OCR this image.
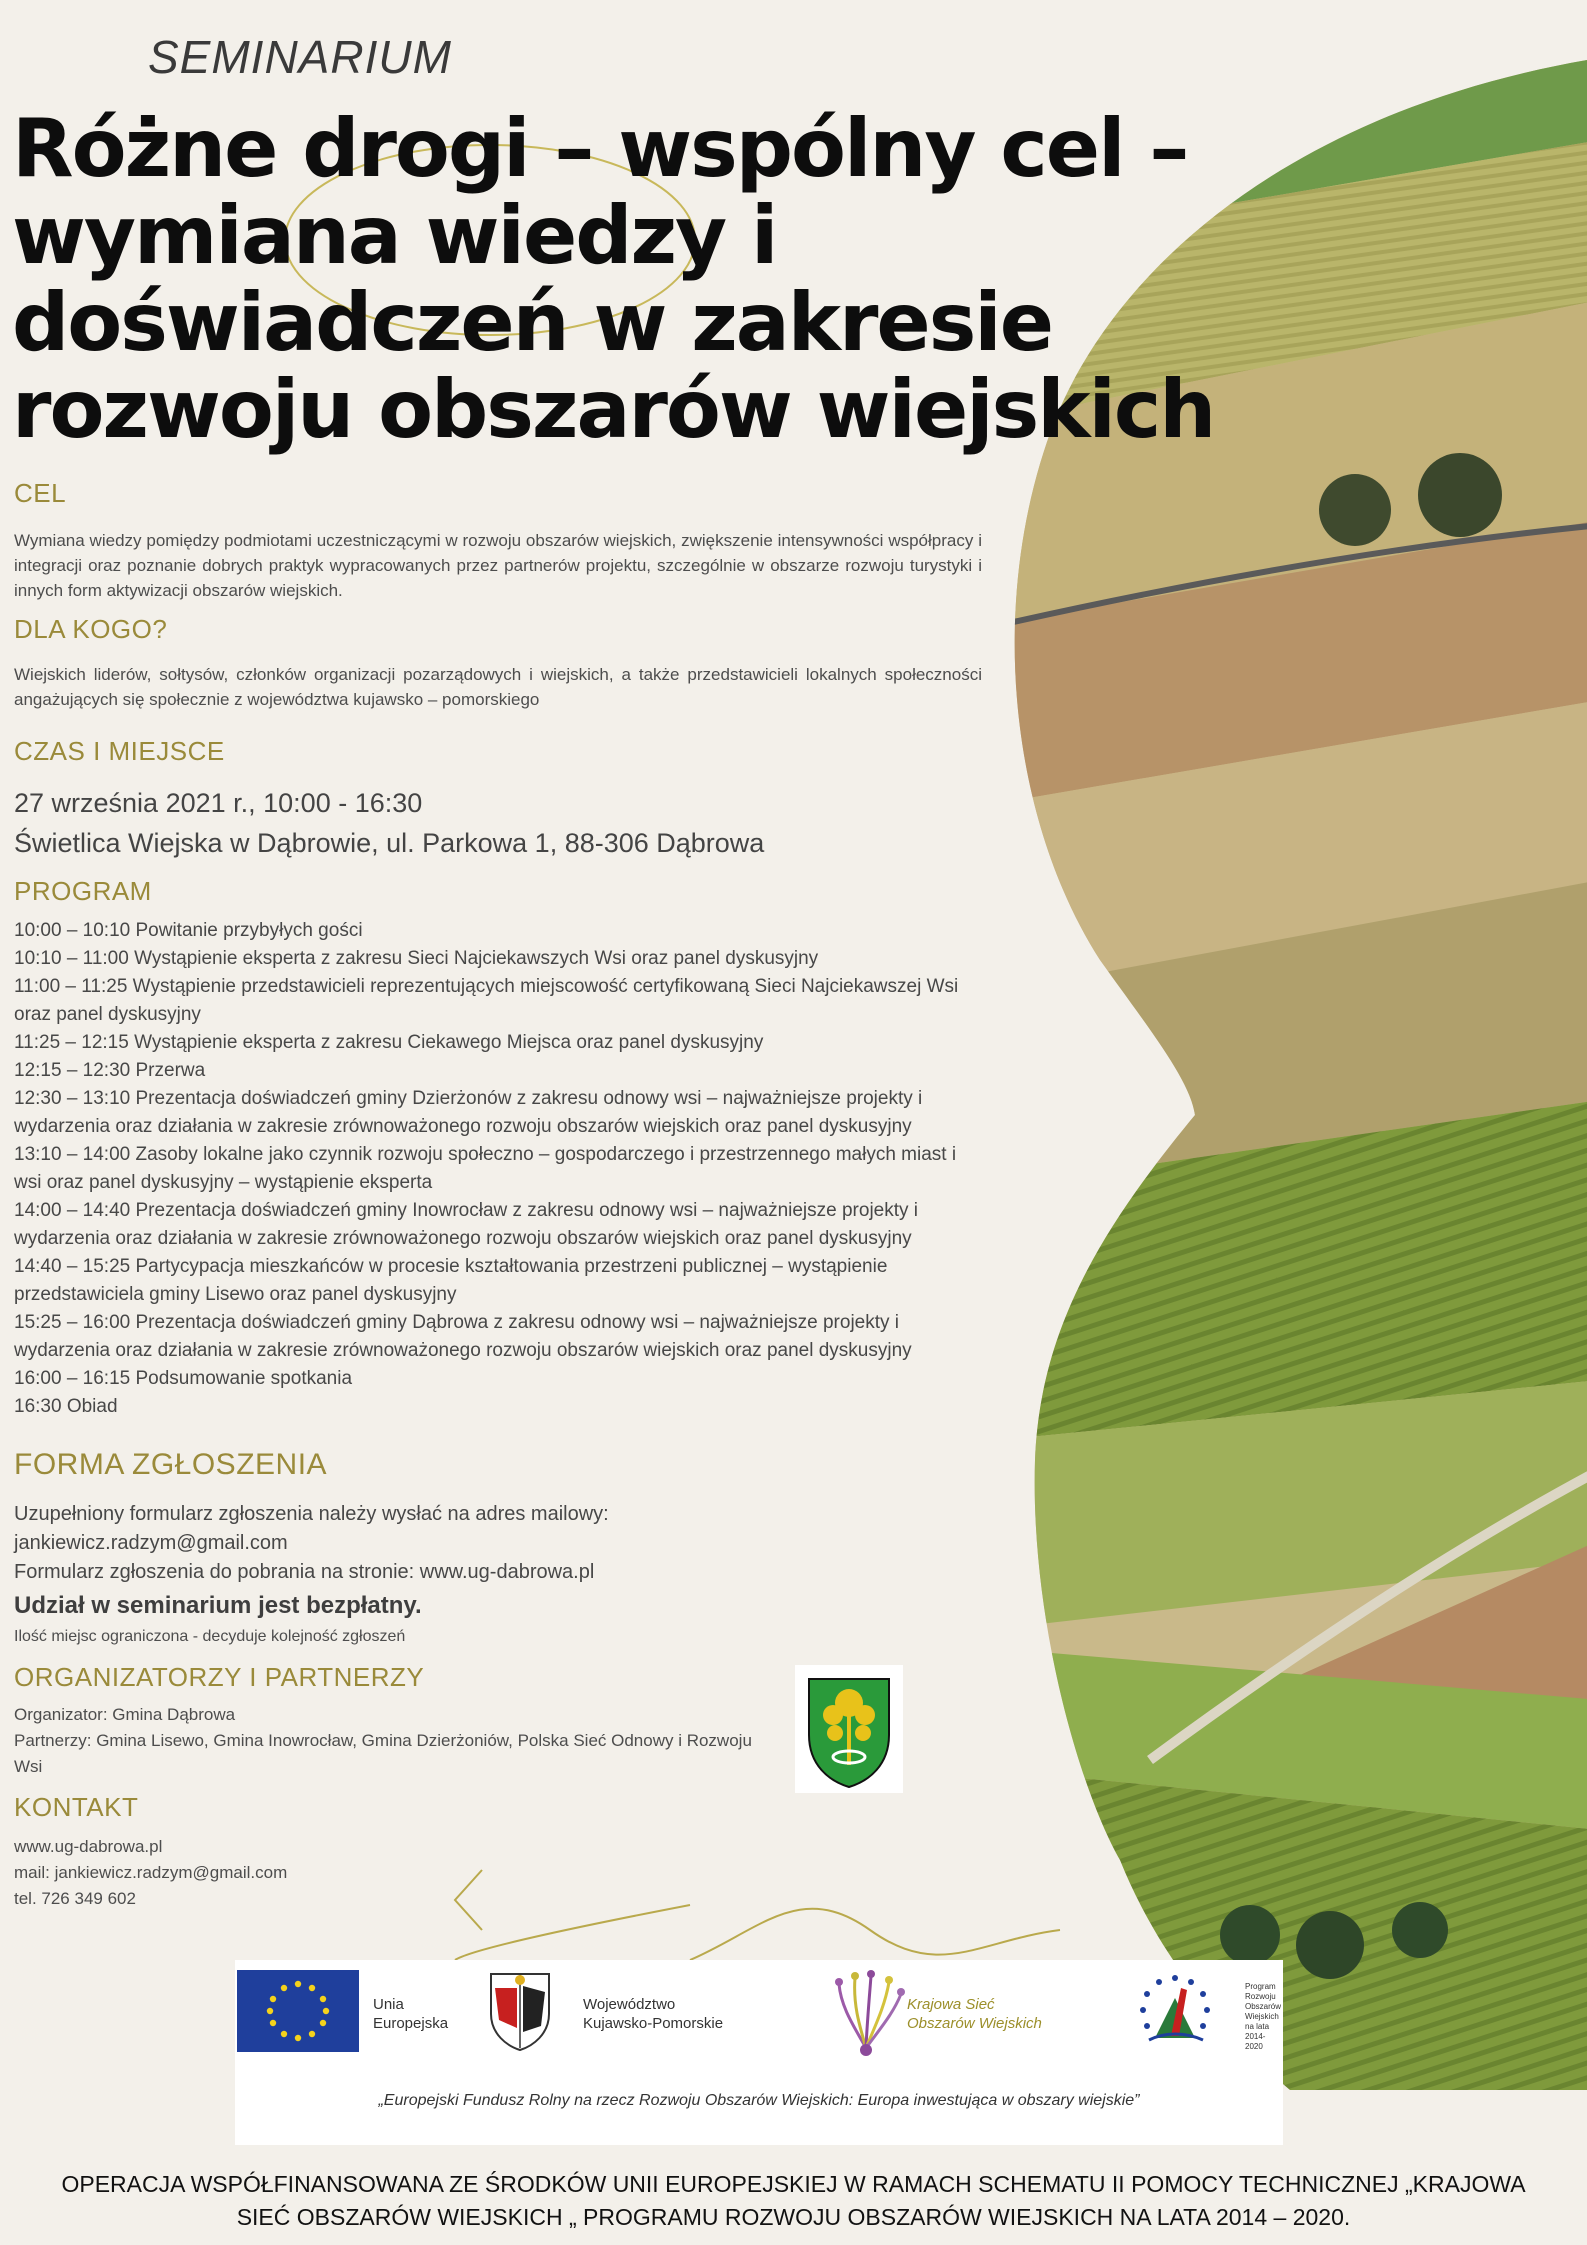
SEMINARIUM
Różne drogi – wspólny cel –
wymiana wiedzy i
doświadczeń w zakresie
rozwoju obszarów wiejskich
CEL
Wymiana wiedzy pomiędzy podmiotami uczestniczącymi w rozwoju obszarów wiejskich, zwiększenie intensywności współpracy i integracji oraz poznanie dobrych praktyk wypracowanych przez partnerów projektu, szczególnie w obszarze rozwoju turystyki i innych form aktywizacji obszarów wiejskich.
DLA KOGO?
Wiejskich liderów, sołtysów, członków organizacji pozarządowych i wiejskich, a także przedstawicieli lokalnych społeczności angażujących się społecznie z województwa kujawsko – pomorskiego
CZAS I MIEJSCE
27 września 2021 r., 10:00 - 16:30
Świetlica Wiejska w Dąbrowie, ul. Parkowa 1, 88-306 Dąbrowa
PROGRAM
10:00 – 10:10 Powitanie przybyłych gości
10:10 – 11:00 Wystąpienie eksperta z zakresu Sieci Najciekawszych Wsi oraz panel dyskusyjny
11:00 – 11:25 Wystąpienie przedstawicieli reprezentujących miejscowość certyfikowaną Sieci Najciekawszej Wsi
oraz panel dyskusyjny
11:25 – 12:15 Wystąpienie eksperta z zakresu Ciekawego Miejsca oraz panel dyskusyjny
12:15 – 12:30 Przerwa
12:30 – 13:10 Prezentacja doświadczeń gminy Dzierżonów z zakresu odnowy wsi – najważniejsze projekty i
wydarzenia oraz działania w zakresie zrównoważonego rozwoju obszarów wiejskich oraz panel dyskusyjny
13:10 – 14:00 Zasoby lokalne jako czynnik rozwoju społeczno – gospodarczego i przestrzennego małych miast i
wsi oraz panel dyskusyjny – wystąpienie eksperta
14:00 – 14:40 Prezentacja doświadczeń gminy Inowrocław z zakresu odnowy wsi – najważniejsze projekty i
wydarzenia oraz działania w zakresie zrównoważonego rozwoju obszarów wiejskich oraz panel dyskusyjny
14:40 – 15:25 Partycypacja mieszkańców w procesie kształtowania przestrzeni publicznej – wystąpienie
przedstawiciela gminy Lisewo oraz panel dyskusyjny
15:25 – 16:00 Prezentacja doświadczeń gminy Dąbrowa z zakresu odnowy wsi – najważniejsze projekty i
wydarzenia oraz działania w zakresie zrównoważonego rozwoju obszarów wiejskich oraz panel dyskusyjny
16:00 – 16:15 Podsumowanie spotkania
16:30 Obiad
FORMA ZGŁOSZENIA
Uzupełniony formularz zgłoszenia należy wysłać na adres mailowy:
jankiewicz.radzym@gmail.com
Formularz zgłoszenia do pobrania na stronie: www.ug-dabrowa.pl
Udział w seminarium jest bezpłatny.
Ilość miejsc ograniczona - decyduje kolejność zgłoszeń
ORGANIZATORZY I PARTNERZY
Organizator: Gmina Dąbrowa
Partnerzy: Gmina Lisewo, Gmina Inowrocław, Gmina Dzierżoniów, Polska Sieć Odnowy i Rozwoju Wsi
KONTAKT
www.ug-dabrowa.pl
mail: jankiewicz.radzym@gmail.com
tel. 726 349 602
Unia
Europejska
Województwo
Kujawsko-Pomorskie
Krajowa Sieć
Obszarów Wiejskich
Program
Rozwoju
Obszarów
Wiejskich
na lata 2014-2020
„Europejski Fundusz Rolny na rzecz Rozwoju Obszarów Wiejskich: Europa inwestująca w obszary wiejskie”
OPERACJA WSPÓŁFINANSOWANA ZE ŚRODKÓW UNII EUROPEJSKIEJ W RAMACH SCHEMATU II POMOCY TECHNICZNEJ „KRAJOWA
SIEĆ OBSZARÓW WIEJSKICH „ PROGRAMU ROZWOJU OBSZARÓW WIEJSKICH NA LATA 2014 – 2020.
